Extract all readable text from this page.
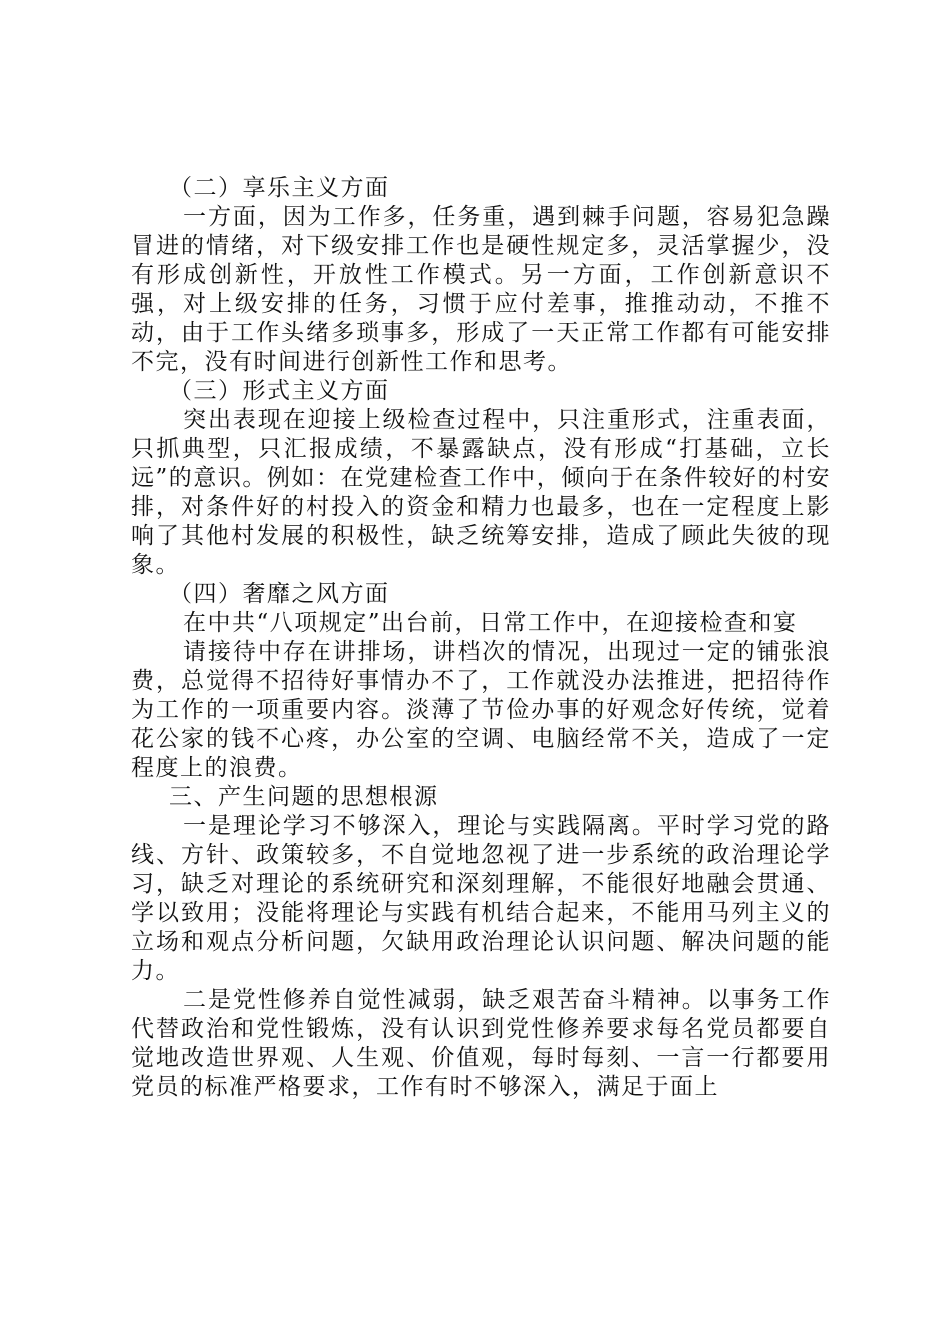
（二）享乐主义方面

一方面，因为工作多，任务重，遇到棘手问题，容易犯急躁冒进的情绪，对下级安排工作也是硬性规定多，灵活掌握少，没有形成创新性，开放性工作模式。另一方面，工作创新意识不强，对上级安排的任务，习惯于应付差事，推推动动，不推不动，由于工作头绪多琐事多，形成了一天正常工作都有可能安排不完，没有时间进行创新性工作和思考。

（三）形式主义方面

突出表现在迎接上级检查过程中，只注重形式，注重表面，只抓典型，只汇报成绩，不暴露缺点，没有形成“打基础，立长远”的意识。例如：在党建检查工作中，倾向于在条件较好的村安排，对条件好的村投入的资金和精力也最多，也在一定程度上影响了其他村发展的积极性，缺乏统筹安排，造成了顾此失彼的现象。

（四）奢靡之风方面

在中共“八项规定”出台前，日常工作中，在迎接检查和宴

请接待中存在讲排场，讲档次的情况，出现过一定的铺张浪费，总觉得不招待好事情办不了，工作就没办法推进，把招待作为工作的一项重要内容。淡薄了节俭办事的好观念好传统，觉着花公家的钱不心疼，办公室的空调、电脑经常不关，造成了一定程度上的浪费。

三、产生问题的思想根源

一是理论学习不够深入，理论与实践隔离。平时学习党的路线、方针、政策较多，不自觉地忽视了进一步系统的政治理论学习，缺乏对理论的系统研究和深刻理解，不能很好地融会贯通、学以致用；没能将理论与实践有机结合起来，不能用马列主义的立场和观点分析问题，欠缺用政治理论认识问题、解决问题的能力。

二是党性修养自觉性减弱，缺乏艰苦奋斗精神。以事务工作代替政治和党性锻炼，没有认识到党性修养要求每名党员都要自觉地改造世界观、人生观、价值观，每时每刻、一言一行都要用党员的标准严格要求，工作有时不够深入，满足于面上
